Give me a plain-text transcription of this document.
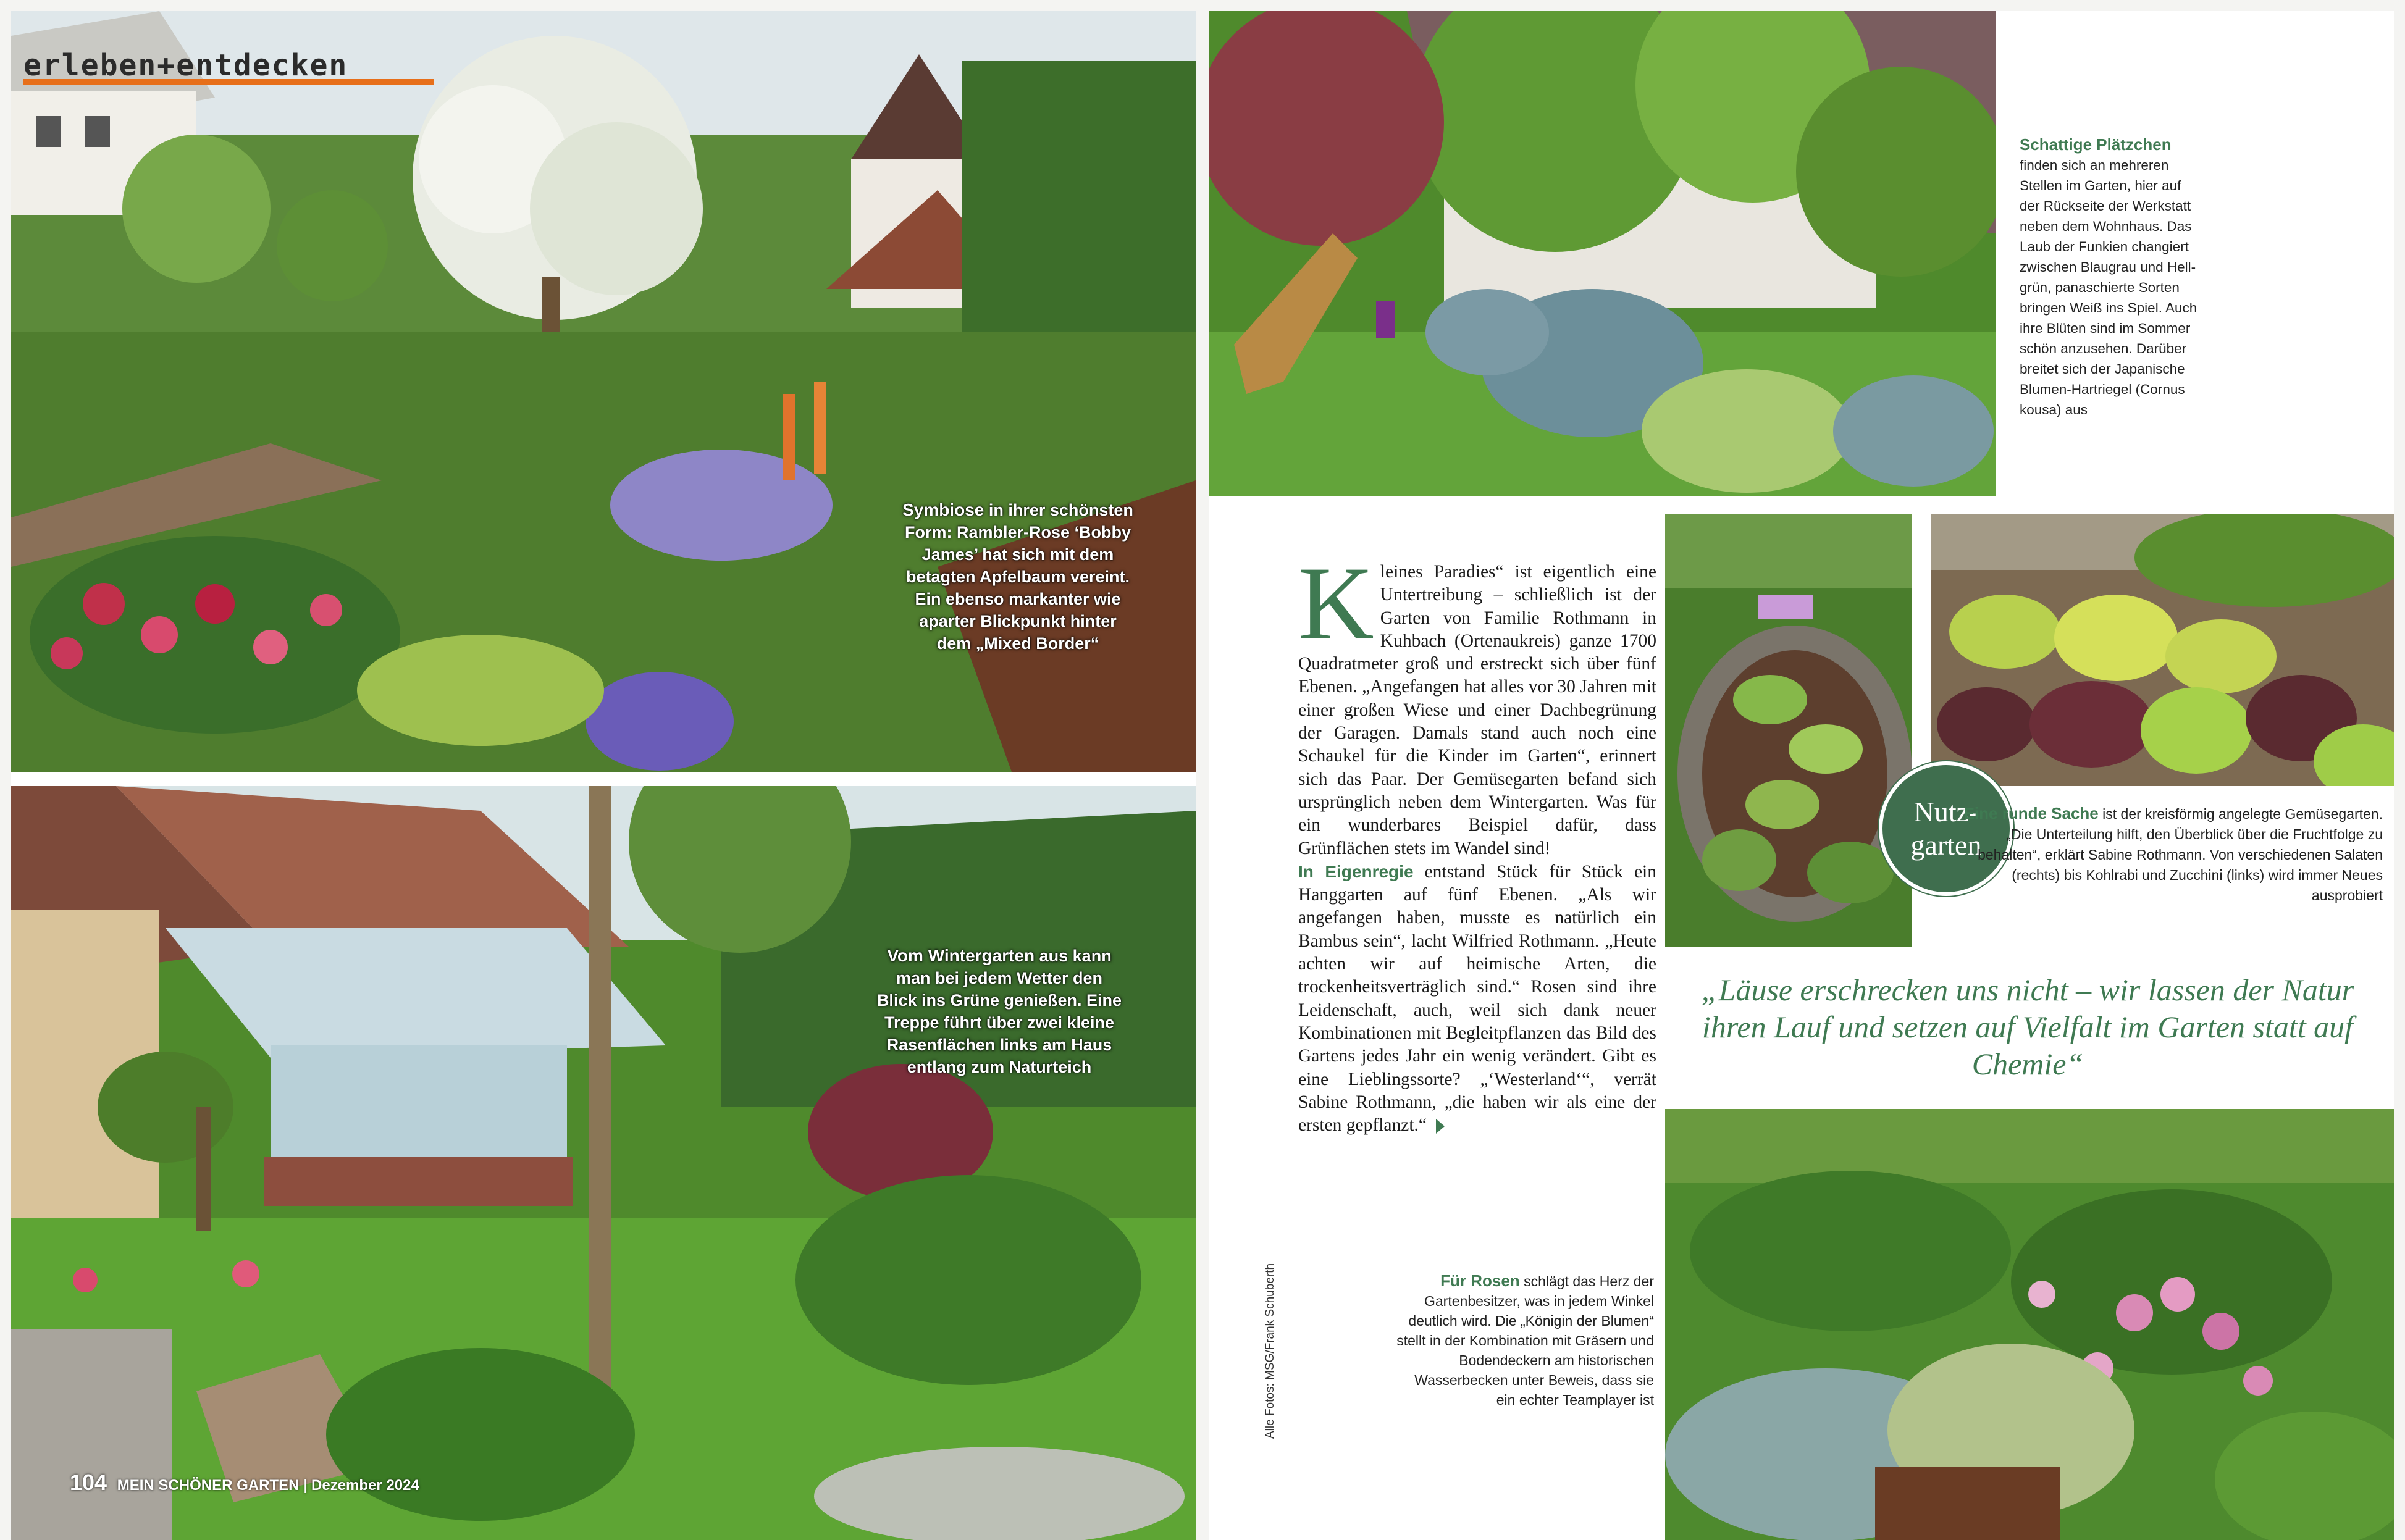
Symbiose in ihrer schönsten Form: Rambler-Rose ‘Bobby James’ hat sich mit dem betagten Apfelbaum vereint. Ein ebenso markanter wie aparter Blickpunkt hinter dem „Mixed Border“
erleben+entdecken
Vom Wintergarten aus kann man bei jedem Wetter den Blick ins Grüne genießen. Eine Treppe führt über zwei kleine Rasenflächen links am Haus entlang zum Naturteich
104 MEIN SCHÖNER GARTEN | Dezember 2024
Schattige Plätzchen
finden sich an mehreren Stellen im Garten, hier auf der Rückseite der Werkstatt neben dem Wohnhaus. Das Laub der Funkien changiert zwischen Blaugrau und Hell-grün, panaschierte Sorten bringen Weiß ins Spiel. Auch ihre Blüten sind im Sommer schön anzusehen. Darüber breitet sich der Japanische Blumen-Hartriegel (Cornus kousa) aus
K leines Paradies“ ist eigentlich eine Untertreibung – schließlich ist der Garten von Familie Rothmann in Kuhbach (Ortenaukreis) ganze 1700 Quadratmeter groß und erstreckt sich über fünf Ebenen. „Angefangen hat alles vor 30 Jahren mit einer großen Wiese und einer Dachbegrünung der Garagen. Damals stand auch noch eine Schaukel für die Kinder im Garten“, erinnert sich das Paar. Der Gemüsegarten befand sich ursprünglich neben dem Wintergarten. Was für ein wunderbares Beispiel dafür, dass Grünflächen stets im Wandel sind!
In Eigenregie entstand Stück für Stück ein Hanggarten auf fünf Ebenen. „Als wir angefangen haben, musste es natürlich ein Bambus sein“, lacht Wilfried Rothmann. „Heute achten wir auf heimische Arten, die trockenheitsverträglich sind.“ Rosen sind ihre Leidenschaft, auch, weil sich dank neuer Kombinationen mit Begleitpflanzen das Bild des Gartens jedes Jahr ein wenig verändert. Gibt es eine Lieblingssorte? „‘Westerland‘“, verrät Sabine Rothmann, „die haben wir als eine der ersten gepflanzt.“
Nutz-
garten
Eine runde Sache ist der kreisförmig angelegte Gemüsegarten. „Die Unterteilung hilft, den Überblick über die Fruchtfolge zu behalten“, erklärt Sabine Rothmann. Von verschiedenen Salaten (rechts) bis Kohlrabi und Zucchini (links) wird immer Neues ausprobiert
„Läuse erschrecken uns nicht – wir lassen der Natur ihren Lauf und setzen auf Vielfalt im Garten statt auf Chemie“
Für Rosen schlägt das Herz der Gartenbesitzer, was in jedem Winkel deutlich wird. Die „Königin der Blumen“ stellt in der Kombination mit Gräsern und Bodendeckern am historischen Wasserbecken unter Beweis, dass sie ein echter Teamplayer ist
Alle Fotos: MSG/Frank Schuberth
